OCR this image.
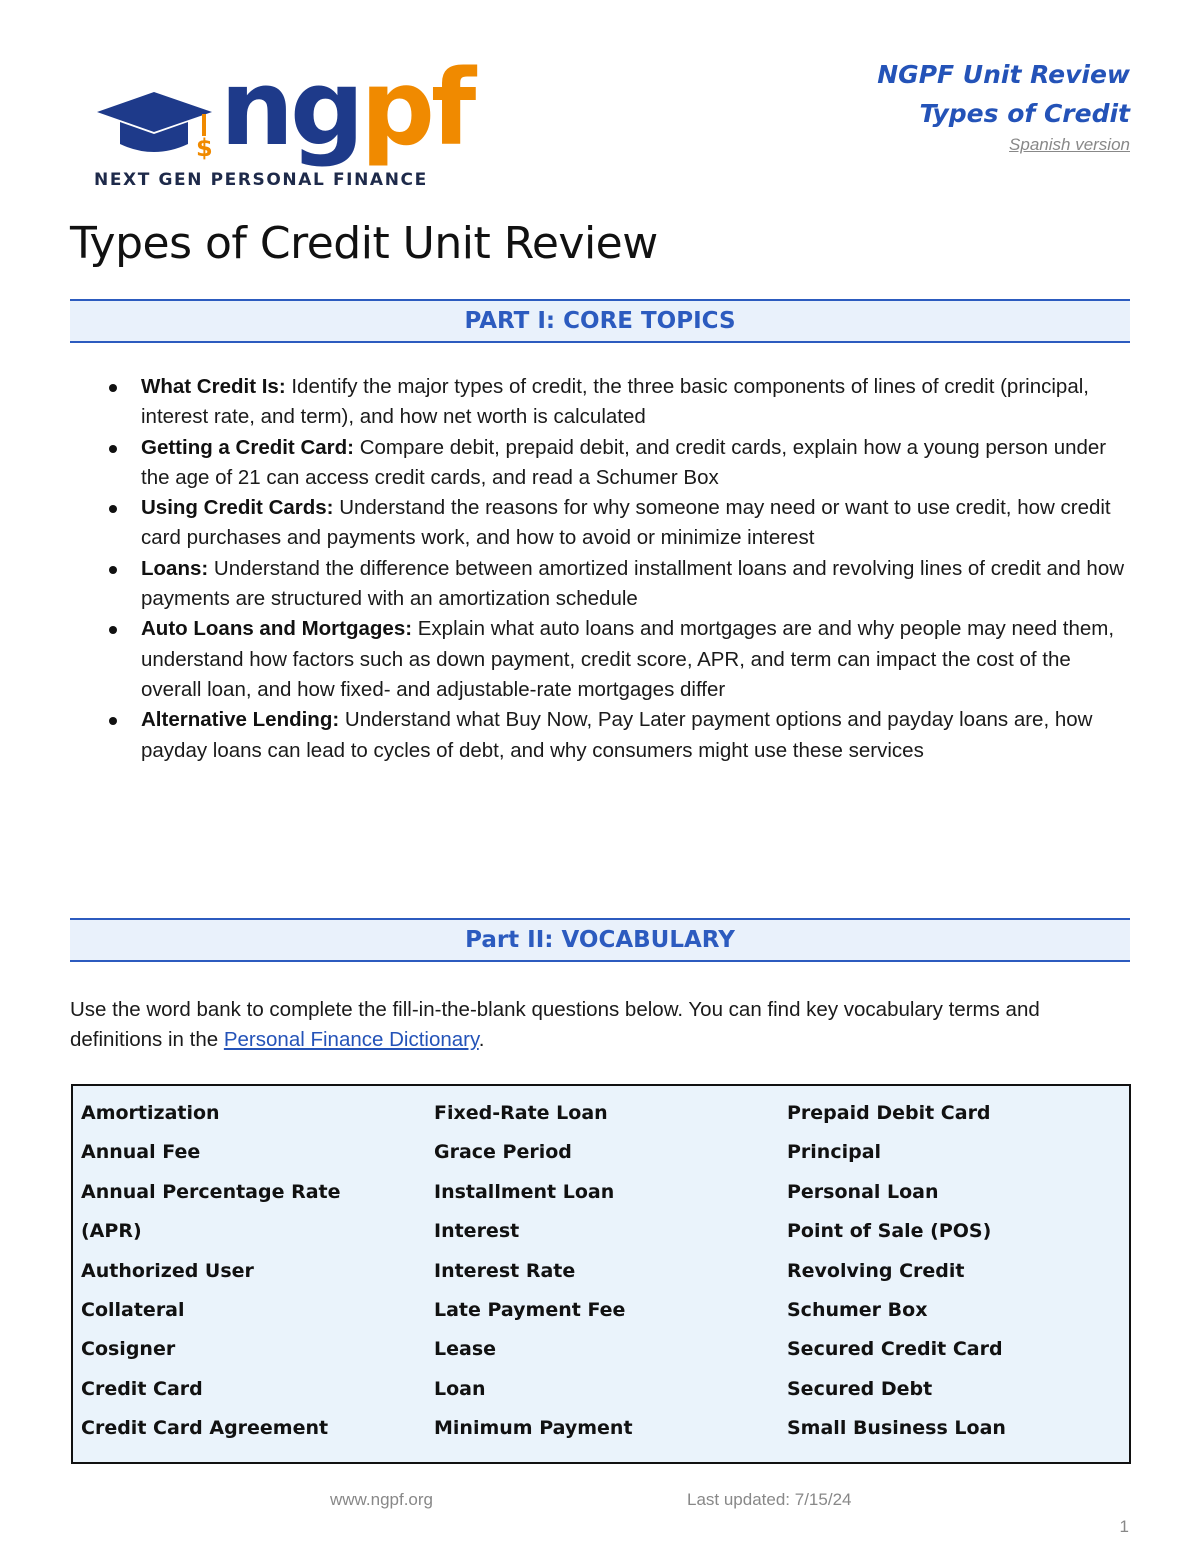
$ ngpf
NEXT GEN PERSONAL FINANCE
NGPF Unit Review
Types of Credit
Spanish version
Types of Credit Unit Review
PART I: CORE TOPICS
What Credit Is: Identify the major types of credit, the three basic components of lines of credit (principal, interest rate, and term), and how net worth is calculated
Getting a Credit Card: Compare debit, prepaid debit, and credit cards, explain how a young person under the age of 21 can access credit cards, and read a Schumer Box
Using Credit Cards: Understand the reasons for why someone may need or want to use credit, how credit card purchases and payments work, and how to avoid or minimize interest
Loans: Understand the difference between amortized installment loans and revolving lines of credit and how payments are structured with an amortization schedule
Auto Loans and Mortgages: Explain what auto loans and mortgages are and why people may need them, understand how factors such as down payment, credit score, APR, and term can impact the cost of the overall loan, and how fixed- and adjustable-rate mortgages differ
Alternative Lending: Understand what Buy Now, Pay Later payment options and payday loans are, how payday loans can lead to cycles of debt, and why consumers might use these services
Part II: VOCABULARY

Use the word bank to complete the fill-in-the-blank questions below. You can find key vocabulary terms and definitions in the Personal Finance Dictionary.

Amortization
Annual Fee
Annual Percentage Rate
(APR)
Authorized User
Collateral
Cosigner
Credit Card
Credit Card Agreement
Fixed-Rate Loan
Grace Period
Installment Loan
Interest
Interest Rate
Late Payment Fee
Lease
Loan
Minimum Payment
Prepaid Debit Card
Principal
Personal Loan
Point of Sale (POS)
Revolving Credit
Schumer Box
Secured Credit Card
Secured Debt
Small Business Loan
www.ngpf.org	Last updated: 7/15/24
1
